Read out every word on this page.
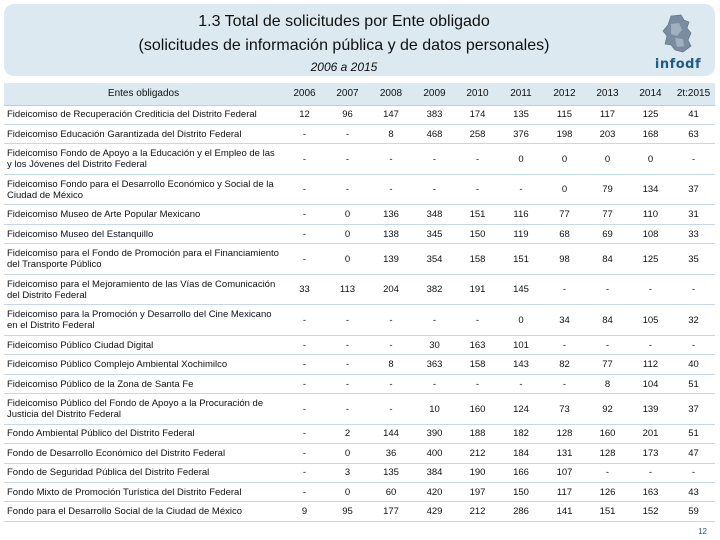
1.3 Total de solicitudes por Ente obligado
(solicitudes de información pública y de datos personales)
2006 a 2015	infodf
Entes obligados	2006	2007	2008	2009	2010	2011	2012	2013	2014	2t:2015
Fideicomiso de Recuperación Crediticia del Distrito Federal	12	96	147	383	174	135	115	117	125	41
Fideicomiso Educación Garantizada del Distrito Federal	-	-	8	468	258	376	198	203	168	63
Fideicomiso Fondo de Apoyo a la Educación y el Empleo de las y los Jóvenes del Distrito Federal	-	-	-	-	-	0	0	0	0	-
Fideicomiso Fondo para el Desarrollo Económico y Social de la Ciudad de México	-	-	-	-	-	-	0	79	134	37
Fideicomiso Museo de Arte Popular Mexicano	-	0	136	348	151	116	77	77	110	31
Fideicomiso Museo del Estanquillo	-	0	138	345	150	119	68	69	108	33
Fideicomiso para el Fondo de Promoción para el Financiamiento del Transporte Público	-	0	139	354	158	151	98	84	125	35
Fideicomiso para el Mejoramiento de las Vías de Comunicación del Distrito Federal	33	113	204	382	191	145	-	-	-	-
Fideicomiso para la Promoción y Desarrollo del Cine Mexicano en el Distrito Federal	-	-	-	-	-	0	34	84	105	32
Fideicomiso Público Ciudad Digital	-	-	-	30	163	101	-	-	-	-
Fideicomiso Público Complejo Ambiental Xochimilco	-	-	8	363	158	143	82	77	112	40
Fideicomiso Público de la Zona de Santa Fe	-	-	-	-	-	-	-	8	104	51
Fideicomiso Público del Fondo de Apoyo a la Procuración de Justicia del Distrito Federal	-	-	-	10	160	124	73	92	139	37
Fondo Ambiental Público del Distrito Federal	-	2	144	390	188	182	128	160	201	51
Fondo de Desarrollo Económico del Distrito Federal	-	0	36	400	212	184	131	128	173	47
Fondo de Seguridad Pública del Distrito Federal	-	3	135	384	190	166	107	-	-	-
Fondo Mixto de Promoción Turística del Distrito Federal	-	0	60	420	197	150	117	126	163	43
Fondo para el Desarrollo Social de la Ciudad de México	9	95	177	429	212	286	141	151	152	59
12
